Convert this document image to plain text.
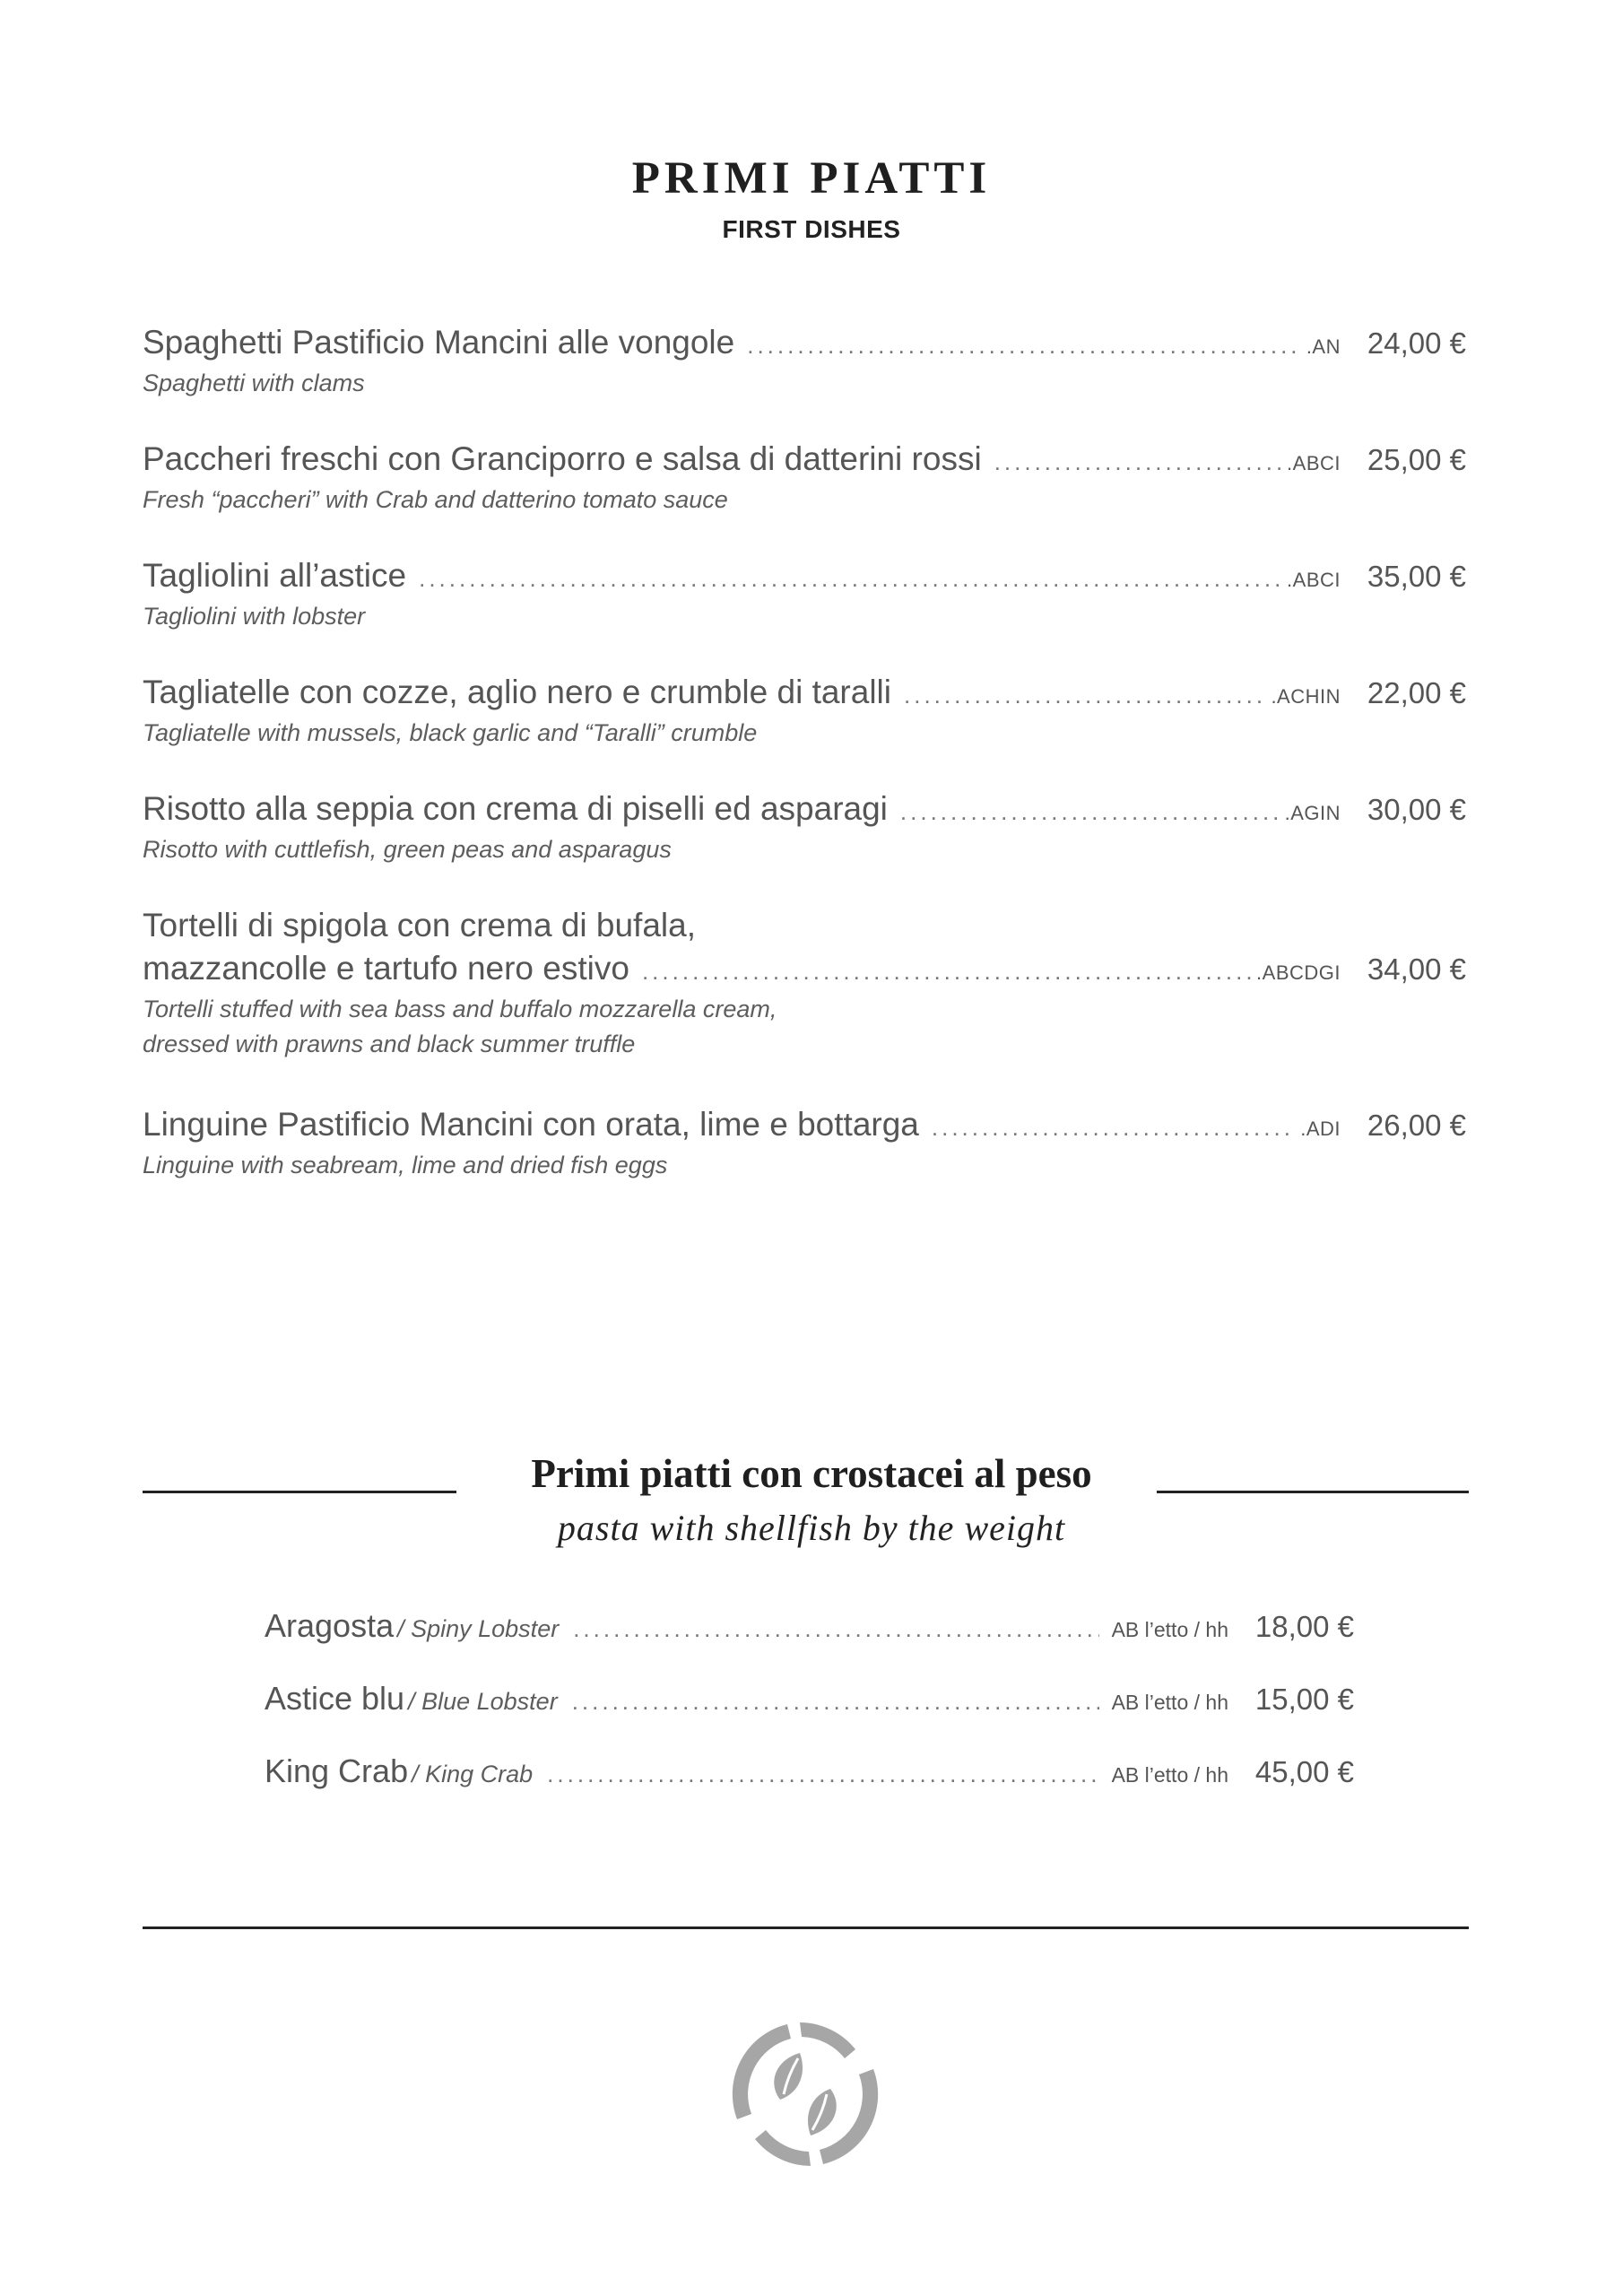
PRIMI PIATTI
FIRST DISHES
Spaghetti Pastificio Mancini alle vongole .....	.AN 24,00 €
Spaghetti with clams
Paccheri freschi con Granciporro e salsa di datterini rossi .....	.ABCI 25,00 €
Fresh “paccheri” with Crab and datterino tomato sauce
Tagliolini all’astice .....	.ABCI 35,00 €
Tagliolini with lobster
Tagliatelle con cozze, aglio nero e crumble di taralli .....	.ACHIN 22,00 €
Tagliatelle with mussels, black garlic and “Taralli” crumble
Risotto alla seppia con crema di piselli ed asparagi .....	.AGIN 30,00 €
Risotto with cuttlefish, green peas and asparagus
Tortelli di spigola con crema di bufala,
mazzancolle e tartufo nero estivo .....	.ABCDGI 34,00 €
Tortelli stuffed with sea bass and buffalo mozzarella cream,
dressed with prawns and black summer truffle
Linguine Pastificio Mancini con orata, lime e bottarga .....	.ADI 26,00 €
Linguine with seabream, lime and dried fish eggs
Primi piatti con crostacei al peso
pasta with shellfish by the weight
Aragosta / Spiny Lobster .....	AB l’etto / hh 18,00 €
Astice blu / Blue Lobster .....	AB l’etto / hh 15,00 €
King Crab / King Crab .....	AB l’etto / hh 45,00 €
